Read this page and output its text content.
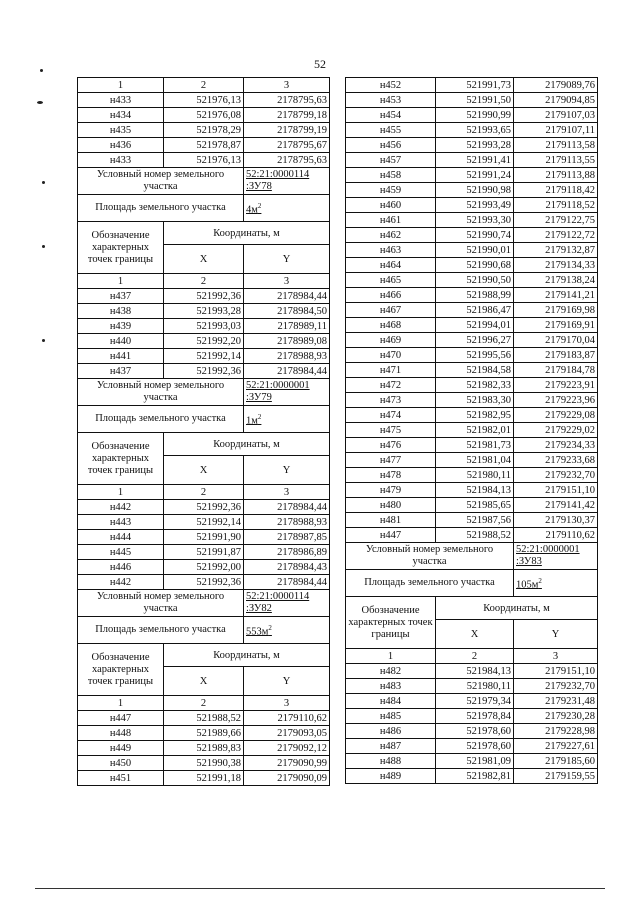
52
1	2	3
н433	521976,13	2178795,63
н434	521976,08	2178799,18
н435	521978,29	2178799,19
н436	521978,87	2178795,67
н433	521976,13	2178795,63
Условный номер земельного участка		52:21:0000114 :ЗУ78
Площадь земельного участка		$4м^2$
Обозначение характерных точек границы	Координаты, м	
	X	Y
1	2	3
н437	521992,36	2178984,44
н438	521993,28	2178984,50
н439	521993,03	2178989,11
н440	521992,20	2178989,08
н441	521992,14	2178988,93
н437	521992,36	2178984,44
Условный номер земельного участка		52:21:0000001 :ЗУ79
Площадь земельного участка		$1м^2$
Обозначение характерных точек границы	Координаты, м	
	X	Y
1	2	3
н442	521992,36	2178984,44
н443	521992,14	2178988,93
н444	521991,90	2178987,85
н445	521991,87	2178986,89
н446	521992,00	2178984,43
н442	521992,36	2178984,44
Условный номер земельного участка		52:21:0000114 :ЗУ82
Площадь земельного участка		$553м^2$
Обозначение характерных точек границы	Координаты, м	
	X	Y
1	2	3
н447	521988,52	2179110,62
н448	521989,66	2179093,05
н449	521989,83	2179092,12
н450	521990,38	2179090,99
н451	521991,18	2179090,09
н452	521991,73	2179089,76
н453	521991,50	2179094,85
н454	521990,99	2179107,03
н455	521993,65	2179107,11
н456	521993,28	2179113,58
н457	521991,41	2179113,55
н458	521991,24	2179113,88
н459	521990,98	2179118,42
н460	521993,49	2179118,52
н461	521993,30	2179122,75
н462	521990,74	2179122,72
н463	521990,01	2179132,87
н464	521990,68	2179134,33
н465	521990,50	2179138,24
н466	521988,99	2179141,21
н467	521986,47	2179169,98
н468	521994,01	2179169,91
н469	521996,27	2179170,04
н470	521995,56	2179183,87
н471	521984,58	2179184,78
н472	521982,33	2179223,91
н473	521983,30	2179223,96
н474	521982,95	2179229,08
н475	521982,01	2179229,02
н476	521981,73	2179234,33
н477	521981,04	2179233,68
н478	521980,11	2179232,70
н479	521984,13	2179151,10
н480	521985,65	2179141,42
н481	521987,56	2179130,37
н447	521988,52	2179110,62
Условный номер земельного участка		52:21:0000001 :ЗУ83
Площадь земельного участка		$105м^2$
Обозначение характерных точек границы	Координаты, м	
	X	Y
1	2	3
н482	521984,13	2179151,10
н483	521980,11	2179232,70
н484	521979,34	2179231,48
н485	521978,84	2179230,28
н486	521978,60	2179228,98
н487	521978,60	2179227,61
н488	521981,09	2179185,60
н489	521982,81	2179159,55
